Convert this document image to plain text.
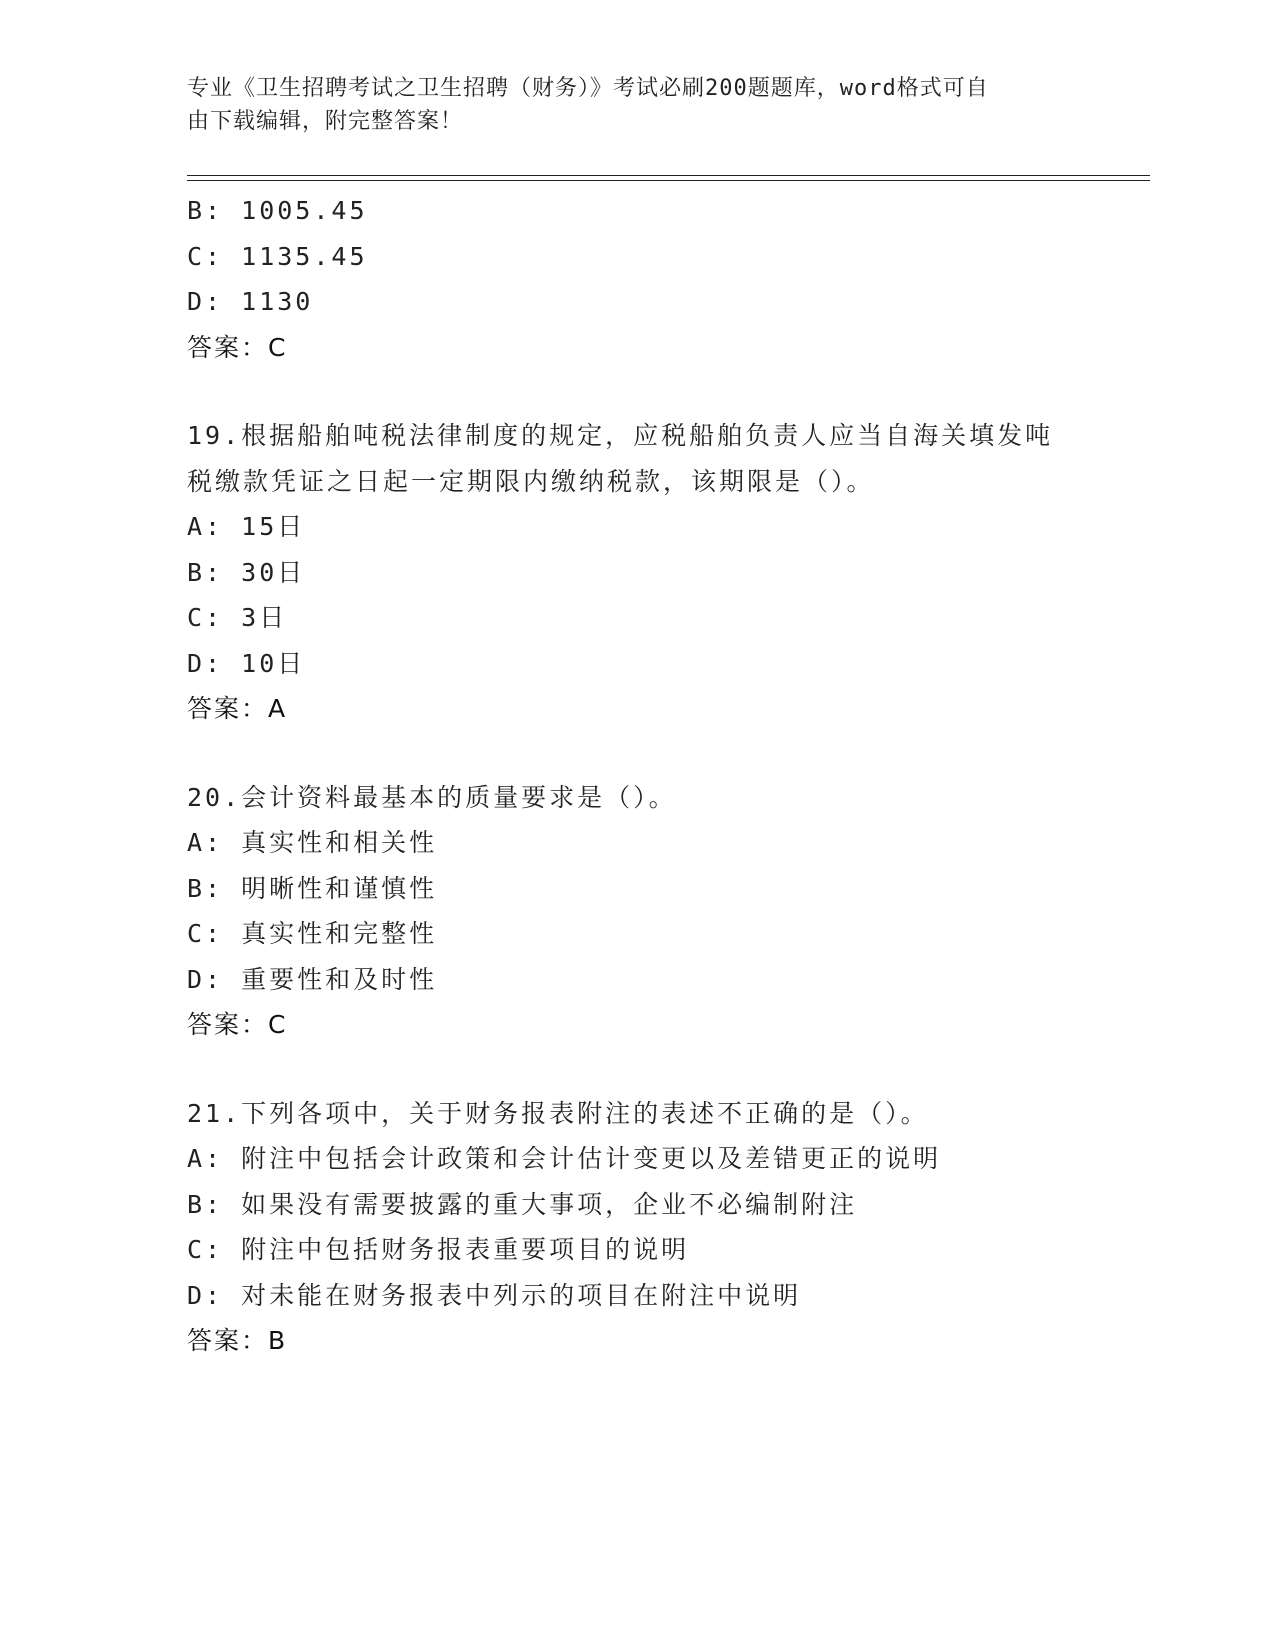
专业《卫生招聘考试之卫生招聘（财务）》考试必刷200题题库，word格式可自
由下载编辑，附完整答案！
B: 1005.45
C: 1135.45
D: 1130
答案：C
19.根据船舶吨税法律制度的规定，应税船舶负责人应当自海关填发吨
税缴款凭证之日起一定期限内缴纳税款，该期限是（）。
A: 15日
B: 30日
C: 3日
D: 10日
答案：A
20.会计资料最基本的质量要求是（）。
A: 真实性和相关性
B: 明晰性和谨慎性
C: 真实性和完整性
D: 重要性和及时性
答案：C
21.下列各项中，关于财务报表附注的表述不正确的是（）。
A: 附注中包括会计政策和会计估计变更以及差错更正的说明
B: 如果没有需要披露的重大事项，企业不必编制附注
C: 附注中包括财务报表重要项目的说明
D: 对未能在财务报表中列示的项目在附注中说明
答案：B
